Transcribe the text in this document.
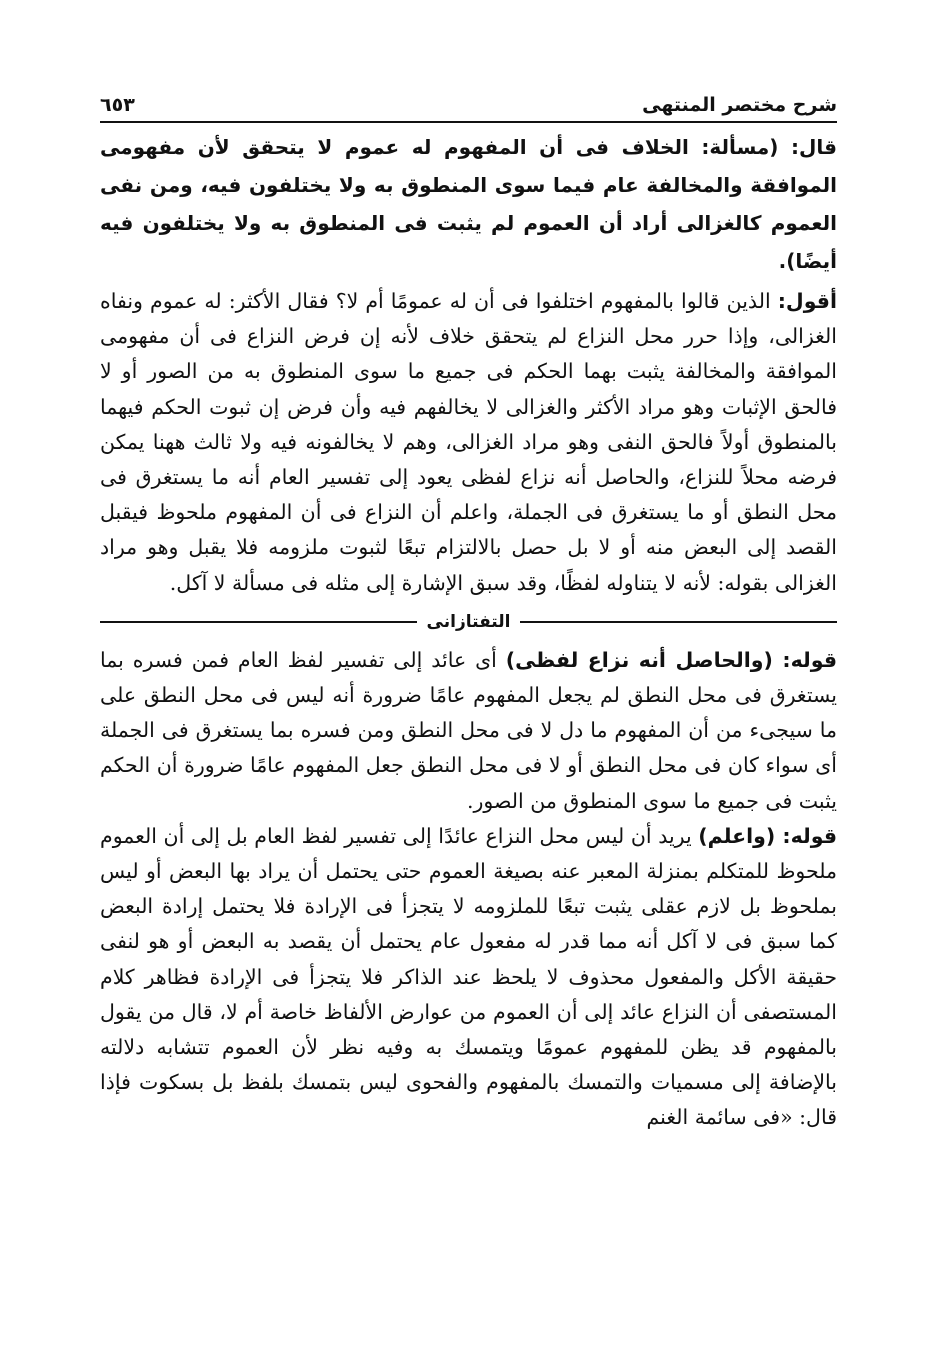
شرح مختصر المنتهى
٦٥٣

قال: (مسألة: الخلاف فى أن المفهوم له عموم لا يتحقق لأن مفهومى الموافقة والمخالفة عام فيما سوى المنطوق به ولا يختلفون فيه، ومن نفى العموم كالغزالى أراد أن العموم لم يثبت فى المنطوق به ولا يختلفون فيه أيضًا).

أقول: الذين قالوا بالمفهوم اختلفوا فى أن له عمومًا أم لا؟ فقال الأكثر: له عموم ونفاه الغزالى، وإذا حرر محل النزاع لم يتحقق خلاف لأنه إن فرض النزاع فى أن مفهومى الموافقة والمخالفة يثبت بهما الحكم فى جميع ما سوى المنطوق به من الصور أو لا فالحق الإثبات وهو مراد الأكثر والغزالى لا يخالفهم فيه وأن فرض إن ثبوت الحكم فيهما بالمنطوق أولاً فالحق النفى وهو مراد الغزالى، وهم لا يخالفونه فيه ولا ثالث ههنا يمكن فرضه محلاً للنزاع، والحاصل أنه نزاع لفظى يعود إلى تفسير العام أنه ما يستغرق فى محل النطق أو ما يستغرق فى الجملة، واعلم أن النزاع فى أن المفهوم ملحوظ فيقبل القصد إلى البعض منه أو لا بل حصل بالالتزام تبعًا لثبوت ملزومه فلا يقبل وهو مراد الغزالى بقوله: لأنه لا يتناوله لفظًا، وقد سبق الإشارة إلى مثله فى مسألة لا آكل.

التفتازانى

قوله: (والحاصل أنه نزاع لفظى) أى عائد إلى تفسير لفظ العام فمن فسره بما يستغرق فى محل النطق لم يجعل المفهوم عامًا ضرورة أنه ليس فى محل النطق على ما سيجىء من أن المفهوم ما دل لا فى محل النطق ومن فسره بما يستغرق فى الجملة أى سواء كان فى محل النطق أو لا فى محل النطق جعل المفهوم عامًا ضرورة أن الحكم يثبت فى جميع ما سوى المنطوق من الصور.

قوله: (واعلم) يريد أن ليس محل النزاع عائدًا إلى تفسير لفظ العام بل إلى أن العموم ملحوظ للمتكلم بمنزلة المعبر عنه بصيغة العموم حتى يحتمل أن يراد بها البعض أو ليس بملحوظ بل لازم عقلى يثبت تبعًا للملزومه لا يتجزأ فى الإرادة فلا يحتمل إرادة البعض كما سبق فى لا آكل أنه مما قدر له مفعول عام يحتمل أن يقصد به البعض أو هو لنفى حقيقة الأكل والمفعول محذوف لا يلحظ عند الذاكر فلا يتجزأ فى الإرادة فظاهر كلام المستصفى أن النزاع عائد إلى أن العموم من عوارض الألفاظ خاصة أم لا، قال من يقول بالمفهوم قد يظن للمفهوم عمومًا ويتمسك به وفيه نظر لأن العموم تتشابه دلالته بالإضافة إلى مسميات والتمسك بالمفهوم والفحوى ليس بتمسك بلفظ بل بسكوت فإذا قال: «فى سائمة الغنم
